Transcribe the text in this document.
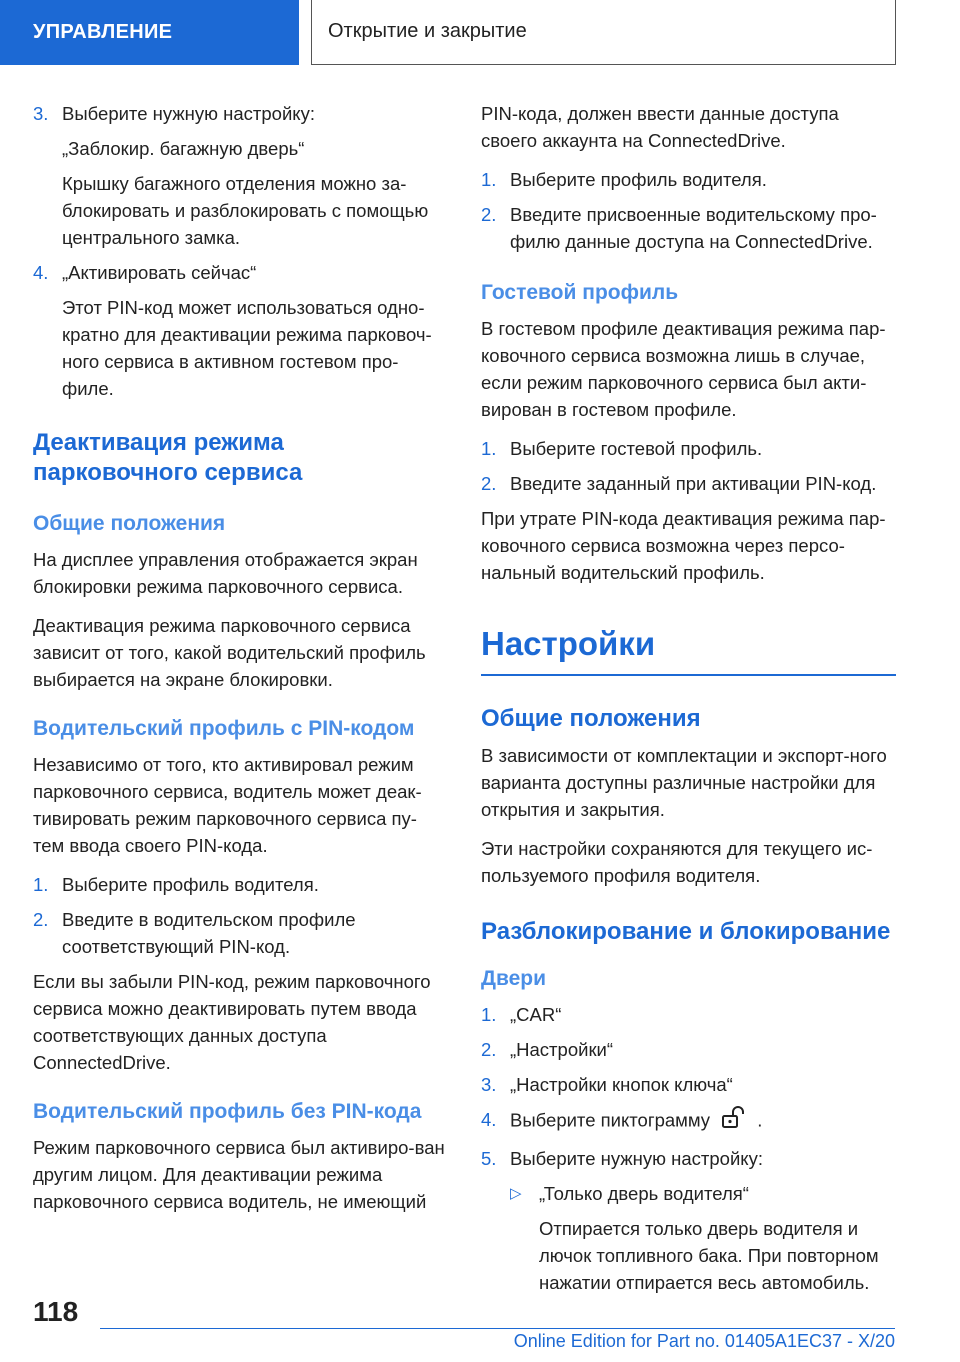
УПРАВЛЕНИЕ	Открытие и закрытие
3. Выберите нужную настройку:
„Заблокир. багажную дверь“
Крышку багажного отделения можно за-блокировать и разблокировать с помощью центрального замка.
4. „Активировать сейчас“
Этот PIN-код может использоваться одно-кратно для деактивации режима парковоч-ного сервиса в активном гостевом про-филе.
Деактивация режима парковочного сервиса
Общие положения

На дисплее управления отображается экран блокировки режима парковочного сервиса.

Деактивация режима парковочного сервиса зависит от того, какой водительский профиль выбирается на экране блокировки.

Водительский профиль с PIN-кодом

Независимо от того, кто активировал режим парковочного сервиса, водитель может деак-тивировать режим парковочного сервиса пу-тем ввода своего PIN-кода.

1. Выберите профиль водителя.
2. Введите в водительском профиле соответствующий PIN-код.

Если вы забыли PIN-код, режим парковочного сервиса можно деактивировать путем ввода соответствующих данных доступа ConnectedDrive.

Водительский профиль без PIN-кода

Режим парковочного сервиса был активиро-ван другим лицом. Для деактивации режима парковочного сервиса водитель, не имеющий

PIN-кода, должен ввести данные доступа своего аккаунта на ConnectedDrive.

1. Выберите профиль водителя.
2. Введите присвоенные водительскому про-филю данные доступа на ConnectedDrive.
Гостевой профиль

В гостевом профиле деактивация режима пар-ковочного сервиса возможна лишь в случае, если режим парковочного сервиса был акти-вирован в гостевом профиле.

1. Выберите гостевой профиль.
2. Введите заданный при активации PIN-код.

При утрате PIN-кода деактивация режима пар-ковочного сервиса возможна через персо-нальный водительский профиль.

Настройки
Общие положения

В зависимости от комплектации и экспорт-ного варианта доступны различные настройки для открытия и закрытия.

Эти настройки сохраняются для текущего ис-пользуемого профиля водителя.

Разблокирование и блокирование
Двери
1. „CAR“
2. „Настройки“
3. „Настройки кнопок ключа“
4. Выберите пиктограмму	.
5. Выберите нужную настройку:
▷ „Только дверь водителя“
Отпирается только дверь водителя и лючок топливного бака. При повторном нажатии отпирается весь автомобиль.
118
Online Edition for Part no. 01405A1EC37 - X/20
